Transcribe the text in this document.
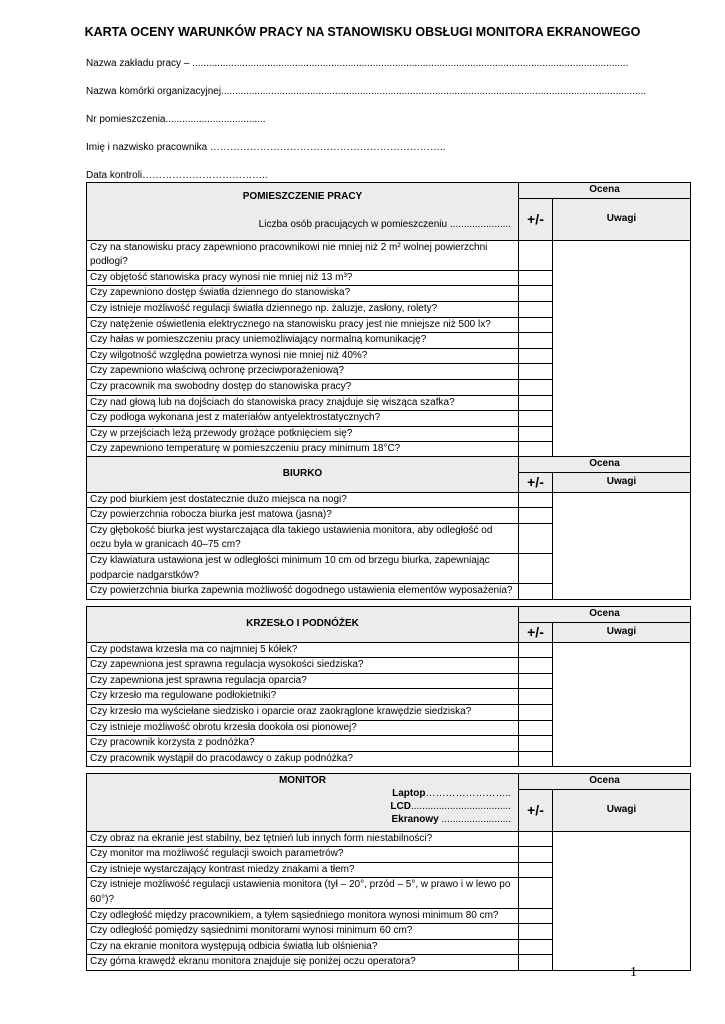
KARTA OCENY WARUNKÓW PRACY NA STANOWISKU OBSŁUGI MONITORA EKRANOWEGO
Nazwa zakładu pracy – .............................................................................................................................................................
Nazwa komórki organizacyjnej.........................................................................................................................................................
Nr pomieszczenia....................................
Imię i nazwisko pracownika ……………………………………………………………..
Data kontroli………………………………..
POMIESZCZENIE PRACY
Liczba osób pracujących w pomieszczeniu ......................	Ocena	
	+/-	Uwagi
Czy na stanowisku pracy zapewniono pracownikowi nie mniej niż 2 m² wolnej powierzchni podłogi?		
Czy objętość stanowiska pracy wynosi nie mniej niż 13 m³?		
Czy zapewniono dostęp światła dziennego do stanowiska?		
Czy istnieje możliwość regulacji światła dziennego np. żaluzje, zasłony, rolety?		
Czy natężenie oświetlenia elektrycznego na stanowisku pracy jest nie mniejsze niż 500 lx?		
Czy hałas w pomieszczeniu pracy uniemożliwiający normalną komunikację?		
Czy wilgotność względna powietrza wynosi nie mniej niż 40%?		
Czy zapewniono właściwą ochronę przeciwporażeniową?		
Czy pracownik ma swobodny dostęp do stanowiska pracy?		
Czy nad głową lub na dojściach do stanowiska pracy znajduje się wisząca szafka?		
Czy podłoga wykonana jest z materiałów antyelektrostatycznych?		
Czy w przejściach leżą przewody grożące potknięciem się?		
Czy zapewniono temperaturę w pomieszczeniu pracy minimum 18°C?		
BIURKO	Ocena	
	+/-	Uwagi
Czy pod biurkiem jest dostatecznie dużo miejsca na nogi?		
Czy powierzchnia robocza biurka jest matowa (jasna)?		
Czy głębokość biurka jest wystarczająca dla takiego ustawienia monitora, aby odległość od oczu była w granicach 40–75 cm?		
Czy klawiatura ustawiona jest w odległości minimum 10 cm od brzegu biurka, zapewniając podparcie nadgarstków?		
Czy powierzchnia biurka zapewnia możliwość dogodnego ustawienia elementów wyposażenia?		
KRZESŁO I PODNÓŻEK	Ocena	
	+/-	Uwagi
Czy podstawa krzesła ma co najmniej 5 kółek?		
Czy zapewniona jest sprawna regulacja wysokości siedziska?		
Czy zapewniona jest sprawna regulacja oparcia?		
Czy krzesło ma regulowane podłokietniki?		
Czy krzesło ma wyściełane siedzisko i oparcie oraz zaokrąglone krawędzie siedziska?		
Czy istnieje możliwość obrotu krzesła dookoła osi pionowej?		
Czy pracownik korzysta z podnóżka?		
Czy pracownik wystąpił do pracodawcy o zakup podnóżka?		
MONITOR
Laptop……………………..
LCD....................................
Ekranowy .........................	Ocena	
	+/-	Uwagi
Czy obraz na ekranie jest stabilny, bez tętnień lub innych form niestabilności?		
Czy monitor ma możliwość regulacji swoich parametrów?		
Czy istnieje wystarczający kontrast miedzy znakami a tłem?		
Czy istnieje możliwość regulacji ustawienia monitora (tył – 20°, przód – 5°, w prawo i w lewo po 60°)?		
Czy odległość między pracownikiem, a tyłem sąsiedniego monitora wynosi minimum 80 cm?		
Czy odległość pomiędzy sąsiednimi monitorami wynosi minimum 60 cm?		
Czy na ekranie monitora występują odbicia światła lub olśnienia?		
Czy górna krawędź ekranu monitora znajduje się poniżej oczu operatora?		
1
